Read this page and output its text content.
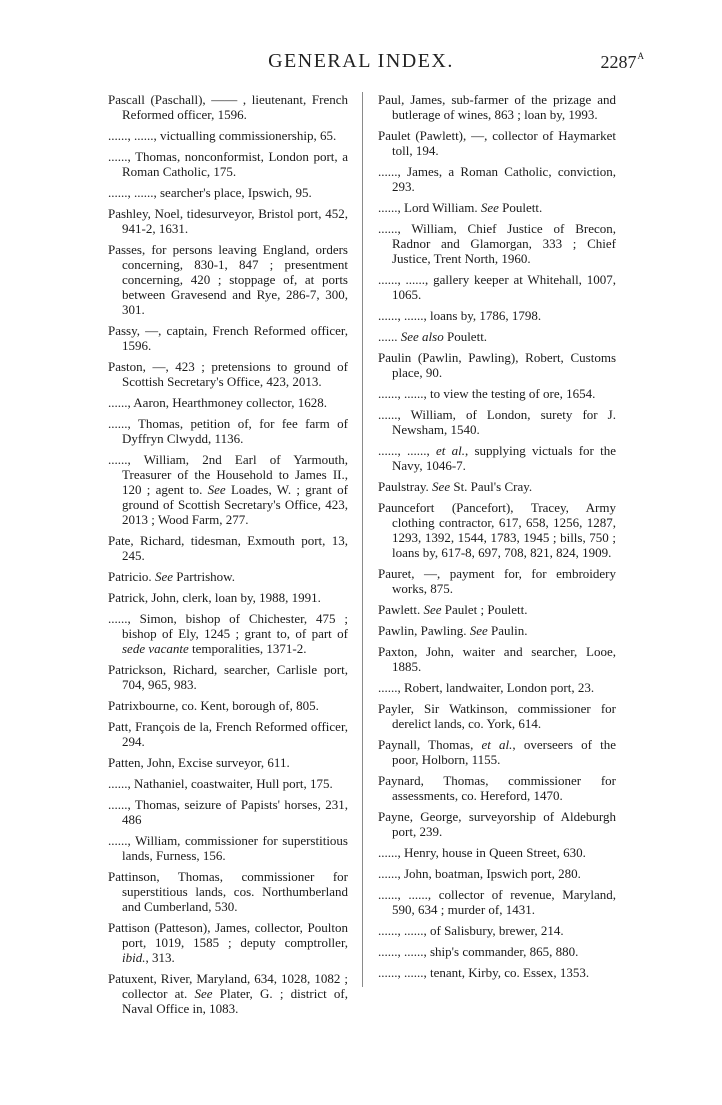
GENERAL INDEX.	$2287^A$
Pascall (Paschall), —— , lieutenant, French Reformed officer, 1596.
......, ......, victualling commissionership, 65.
......, Thomas, nonconformist, London port, a Roman Catholic, 175.
......, ......, searcher's place, Ipswich, 95.
Pashley, Noel, tidesurveyor, Bristol port, 452, 941-2, 1631.
Passes, for persons leaving England, orders concerning, 830-1, 847 ; presentment concerning, 420 ; stoppage of, at ports between Gravesend and Rye, 286-7, 300, 301.
Passy, —, captain, French Reformed officer, 1596.
Paston, —, 423 ; pretensions to ground of Scottish Secretary's Office, 423, 2013.
......, Aaron, Hearthmoney collector, 1628.
......, Thomas, petition of, for fee farm of Dyffryn Clwydd, 1136.
......, William, 2nd Earl of Yarmouth, Treasurer of the Household to James II., 120 ; agent to. See Loades, W. ; grant of ground of Scottish Secretary's Office, 423, 2013 ; Wood Farm, 277.
Pate, Richard, tidesman, Exmouth port, 13, 245.
Patricio. See Partrishow.
Patrick, John, clerk, loan by, 1988, 1991.
......, Simon, bishop of Chichester, 475 ; bishop of Ely, 1245 ; grant to, of part of sede vacante temporalities, 1371-2.
Patrickson, Richard, searcher, Carlisle port, 704, 965, 983.
Patrixbourne, co. Kent, borough of, 805.
Patt, François de la, French Reformed officer, 294.
Patten, John, Excise surveyor, 611.
......, Nathaniel, coastwaiter, Hull port, 175.
......, Thomas, seizure of Papists' horses, 231, 486
......, William, commissioner for superstitious lands, Furness, 156.
Pattinson, Thomas, commissioner for superstitious lands, cos. Northumberland and Cumberland, 530.
Pattison (Patteson), James, collector, Poulton port, 1019, 1585 ; deputy comptroller, ibid., 313.
Patuxent, River, Maryland, 634, 1028, 1082 ; collector at. See Plater, G. ; district of, Naval Office in, 1083.
Paul, James, sub-farmer of the prizage and butlerage of wines, 863 ; loan by, 1993.
Paulet (Pawlett), —, collector of Haymarket toll, 194.
......, James, a Roman Catholic, conviction, 293.
......, Lord William. See Poulett.
......, William, Chief Justice of Brecon, Radnor and Glamorgan, 333 ; Chief Justice, Trent North, 1960.
......, ......, gallery keeper at Whitehall, 1007, 1065.
......, ......, loans by, 1786, 1798.
...... See also Poulett.
Paulin (Pawlin, Pawling), Robert, Customs place, 90.
......, ......, to view the testing of ore, 1654.
......, William, of London, surety for J. Newsham, 1540.
......, ......, et al., supplying victuals for the Navy, 1046-7.
Paulstray. See St. Paul's Cray.
Pauncefort (Pancefort), Tracey, Army clothing contractor, 617, 658, 1256, 1287, 1293, 1392, 1544, 1783, 1945 ; bills, 750 ; loans by, 617-8, 697, 708, 821, 824, 1909.
Pauret, —, payment for, for embroidery works, 875.
Pawlett. See Paulet ; Poulett.
Pawlin, Pawling. See Paulin.
Paxton, John, waiter and searcher, Looe, 1885.
......, Robert, landwaiter, London port, 23.
Payler, Sir Watkinson, commissioner for derelict lands, co. York, 614.
Paynall, Thomas, et al., overseers of the poor, Holborn, 1155.
Paynard, Thomas, commissioner for assessments, co. Hereford, 1470.
Payne, George, surveyorship of Aldeburgh port, 239.
......, Henry, house in Queen Street, 630.
......, John, boatman, Ipswich port, 280.
......, ......, collector of revenue, Maryland, 590, 634 ; murder of, 1431.
......, ......, of Salisbury, brewer, 214.
......, ......, ship's commander, 865, 880.
......, ......, tenant, Kirby, co. Essex, 1353.
